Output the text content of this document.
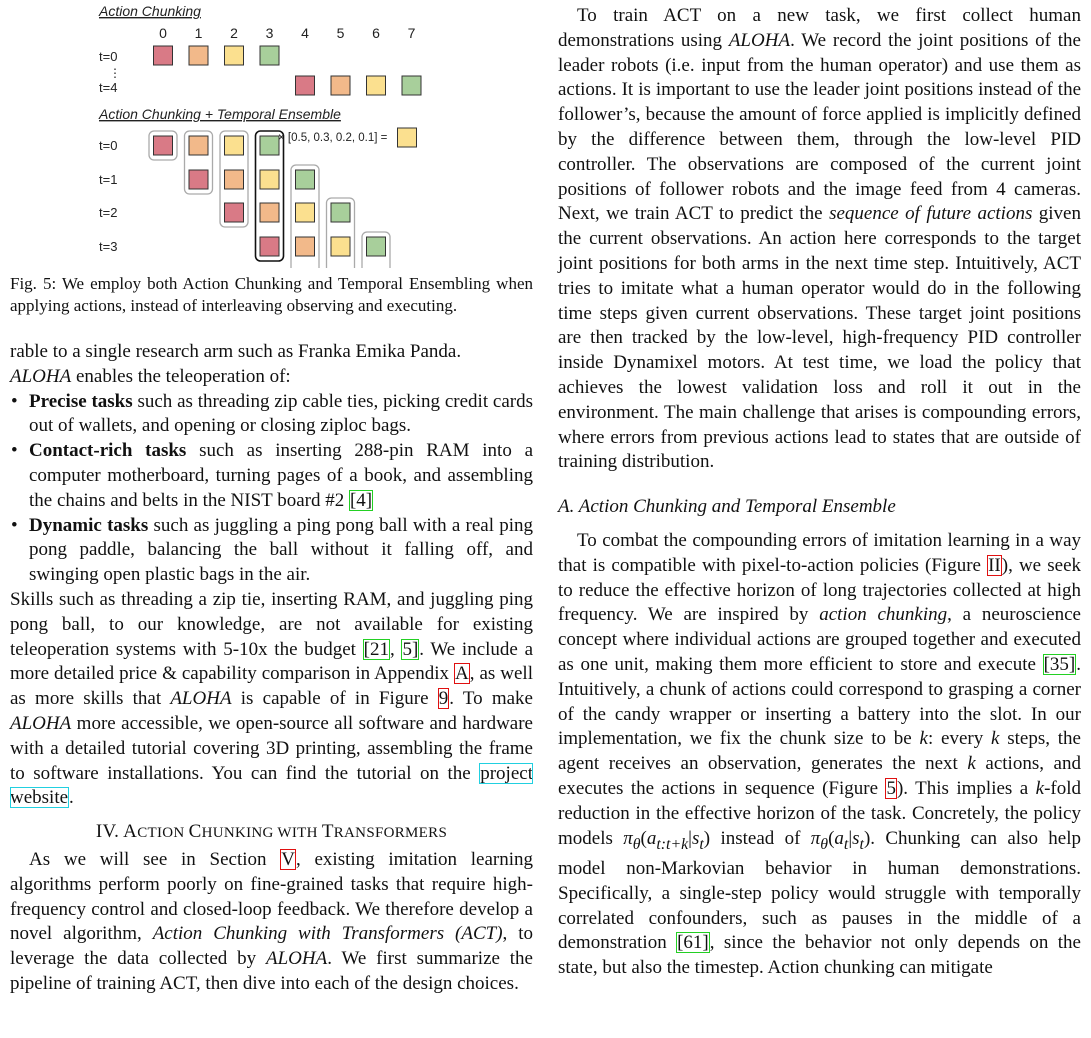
Action Chunking
Action Chunking + Temporal Ensemble
0 1 2 3 4 5 6 7
t=0
⋮
t=4
t=0
t=1
t=2
t=3
× [0.5, 0.3, 0.2, 0.1] =
Fig. 5: We employ both Action Chunking and Temporal Ensembling when applying actions, instead of interleaving observing and executing.

rable to a single research arm such as Franka Emika Panda.
ALOHA enables the teleoperation of:

• Precise tasks such as threading zip cable ties, picking credit cards out of wallets, and opening or closing ziploc bags.
• Contact-rich tasks such as inserting 288-pin RAM into a computer motherboard, turning pages of a book, and assembling the chains and belts in the NIST board #2 [4]
• Dynamic tasks such as juggling a ping pong ball with a real ping pong paddle, balancing the ball without it falling off, and swinging open plastic bags in the air.

Skills such as threading a zip tie, inserting RAM, and juggling ping pong ball, to our knowledge, are not available for existing teleoperation systems with 5-10x the budget [21, 5]. We include a more detailed price & capability comparison in Appendix A, as well as more skills that ALOHA is capable of in Figure 9. To make ALOHA more accessible, we open-source all software and hardware with a detailed tutorial covering 3D printing, assembling the frame to software installations. You can find the tutorial on the project website.

IV. ACTION CHUNKING WITH TRANSFORMERS

As we will see in Section V, existing imitation learning algorithms perform poorly on fine-grained tasks that require high-frequency control and closed-loop feedback. We therefore develop a novel algorithm, Action Chunking with Transformers (ACT), to leverage the data collected by ALOHA. We first summarize the pipeline of training ACT, then dive into each of the design choices.

To train ACT on a new task, we first collect human demonstrations using ALOHA. We record the joint positions of the leader robots (i.e. input from the human operator) and use them as actions. It is important to use the leader joint positions instead of the follower’s, because the amount of force applied is implicitly defined by the difference between them, through the low-level PID controller. The observations are composed of the current joint positions of follower robots and the image feed from 4 cameras. Next, we train ACT to predict the sequence of future actions given the current observations. An action here corresponds to the target joint positions for both arms in the next time step. Intuitively, ACT tries to imitate what a human operator would do in the following time steps given current observations. These target joint positions are then tracked by the low-level, high-frequency PID controller inside Dynamixel motors. At test time, we load the policy that achieves the lowest validation loss and roll it out in the environment. The main challenge that arises is compounding errors, where errors from previous actions lead to states that are outside of training distribution.

A. Action Chunking and Temporal Ensemble

To combat the compounding errors of imitation learning in a way that is compatible with pixel-to-action policies (Figure II), we seek to reduce the effective horizon of long trajectories collected at high frequency. We are inspired by action chunking, a neuroscience concept where individual actions are grouped together and executed as one unit, making them more efficient to store and execute [35]. Intuitively, a chunk of actions could correspond to grasping a corner of the candy wrapper or inserting a battery into the slot. In our implementation, we fix the chunk size to be k: every k steps, the agent receives an observation, generates the next k actions, and executes the actions in sequence (Figure 5). This implies a k-fold reduction in the effective horizon of the task. Concretely, the policy models $\pi_\theta(a_{t:t+k}|s_t)$ instead of $\pi_\theta(a_t|s_t)$. Chunking can also help model non-Markovian behavior in human demonstrations. Specifically, a single-step policy would struggle with temporally correlated confounders, such as pauses in the middle of a demonstration [61], since the behavior not only depends on the state, but also the timestep. Action chunking can mitigate
